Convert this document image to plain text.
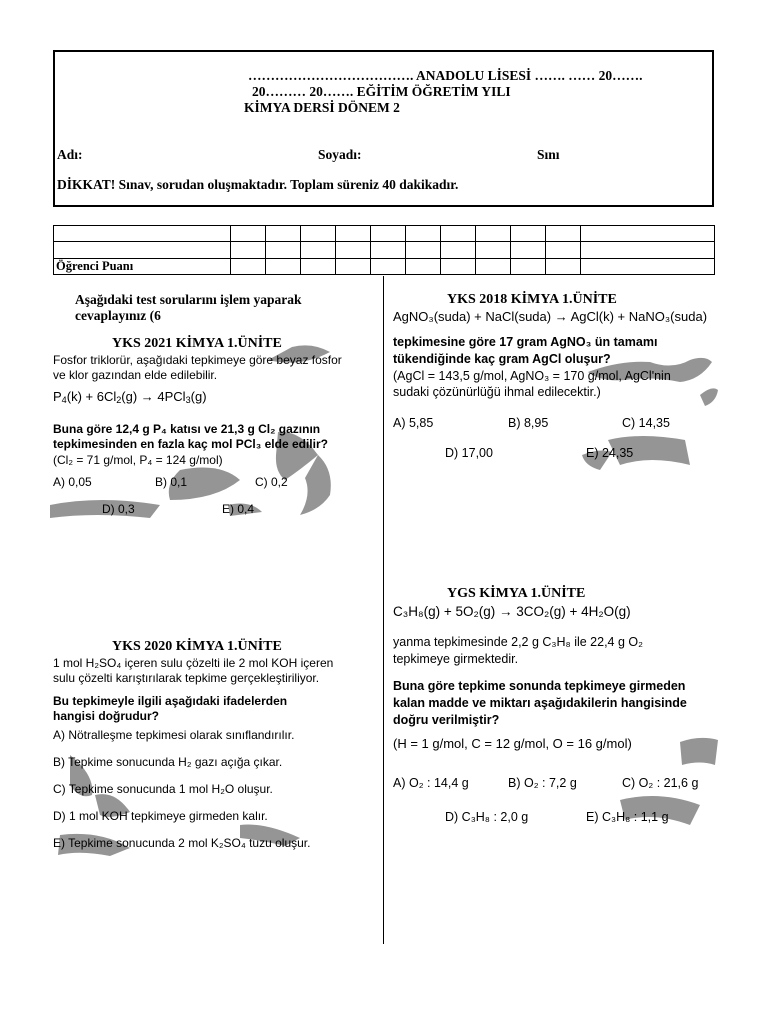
………………………………. ANADOLU LİSESİ ……. …… 20…….
20……… 20……. EĞİTİM ÖĞRETİM YILI
KİMYA DERSİ DÖNEM 2
Adı:	Soyadı:	Sını
DİKKAT! Sınav, sorudan oluşmaktadır. Toplam süreniz 40 dakikadır.

Öğrenci Puanı											
Aşağıdaki test sorularını işlem yaparak
cevaplayınız (6
YKS 2021 KİMYA 1.ÜNİTE
Fosfor triklorür, aşağıdaki tepkimeye göre beyaz fosfor
ve klor gazından elde edilebilir.
$P_4(k) + 6Cl_2(g) \to 4PCl_3(g)$
Buna göre 12,4 g P₄ katısı ve 21,3 g Cl₂ gazının
tepkimesinden en fazla kaç mol PCl₃ elde edilir?
(Cl₂ = 71 g/mol, P₄ = 124 g/mol)
A) 0,05	B) 0,1	C) 0,2
D) 0,3	E) 0,4
YKS 2020 KİMYA 1.ÜNİTE
1 mol H₂SO₄ içeren sulu çözelti ile 2 mol KOH içeren
sulu çözelti karıştırılarak tepkime gerçekleştiriliyor.
Bu tepkimeyle ilgili aşağıdaki ifadelerden
hangisi doğrudur?
A) Nötralleşme tepkimesi olarak sınıflandırılır.
B) Tepkime sonucunda H₂ gazı açığa çıkar.
C) Tepkime sonucunda 1 mol H₂O oluşur.
D) 1 mol KOH tepkimeye girmeden kalır.
E) Tepkime sonucunda 2 mol K₂SO₄ tuzu oluşur.
YKS 2018 KİMYA 1.ÜNİTE
AgNO₃(suda) + NaCl(suda) → AgCl(k) + NaNO₃(suda)
tepkimesine göre 17 gram AgNO₃ ün tamamı
tükendiğinde kaç gram AgCl oluşur?
(AgCl = 143,5 g/mol, AgNO₃ = 170 g/mol, AgCl'nin
sudaki çözünürlüğü ihmal edilecektir.)
A) 5,85	B) 8,95	C) 14,35
D) 17,00	E) 24,35
YGS KİMYA 1.ÜNİTE
C₃H₈(g) + 5O₂(g) → 3CO₂(g) + 4H₂O(g)
yanma tepkimesinde 2,2 g C₃H₈ ile 22,4 g O₂
tepkimeye girmektedir.
Buna göre tepkime sonunda tepkimeye girmeden
kalan madde ve miktarı aşağıdakilerin hangisinde
doğru verilmiştir?
(H = 1 g/mol, C = 12 g/mol, O = 16 g/mol)
A) O₂ : 14,4 g	B) O₂ : 7,2 g	C) O₂ : 21,6 g
D) C₃H₈ : 2,0 g	E) C₃H₈ : 1,1 g
